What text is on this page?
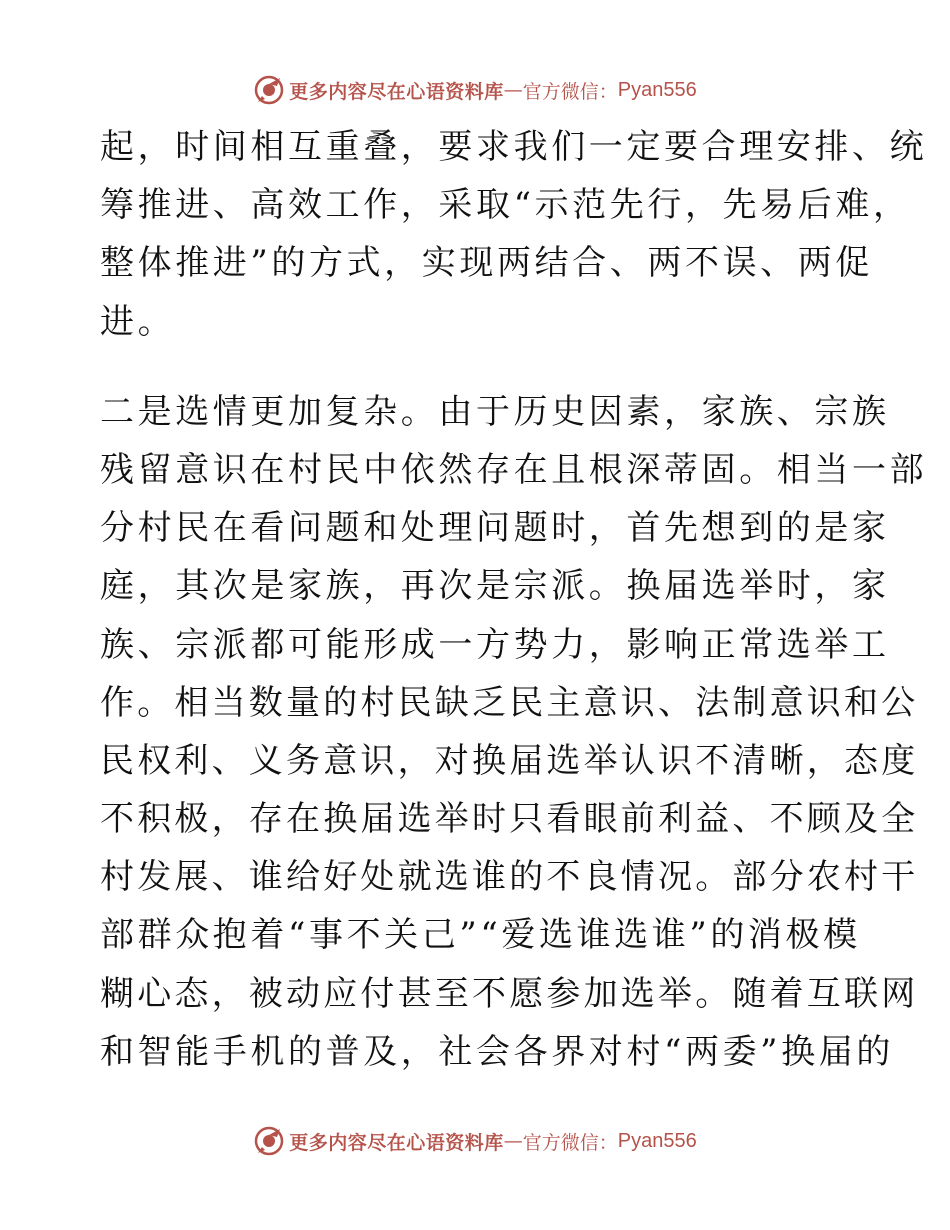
更多内容尽在心语资料库 — 官方微信： Pyan556
起，时间相互重叠，要求我们一定要合理安排、统
筹推进、高效工作，采取“示范先行，先易后难，
整体推进”的方式，实现两结合、两不误、两促
进。
二是选情更加复杂。由于历史因素，家族、宗族
残留意识在村民中依然存在且根深蒂固。相当一部
分村民在看问题和处理问题时，首先想到的是家
庭，其次是家族，再次是宗派。换届选举时，家
族、宗派都可能形成一方势力，影响正常选举工
作。相当数量的村民缺乏民主意识、法制意识和公
民权利、义务意识，对换届选举认识不清晰，态度
不积极，存在换届选举时只看眼前利益、不顾及全
村发展、谁给好处就选谁的不良情况。部分农村干
部群众抱着“事不关己”“爱选谁选谁”的消极模
糊心态，被动应付甚至不愿参加选举。随着互联网
和智能手机的普及，社会各界对村“两委”换届的
更多内容尽在心语资料库 — 官方微信： Pyan556
